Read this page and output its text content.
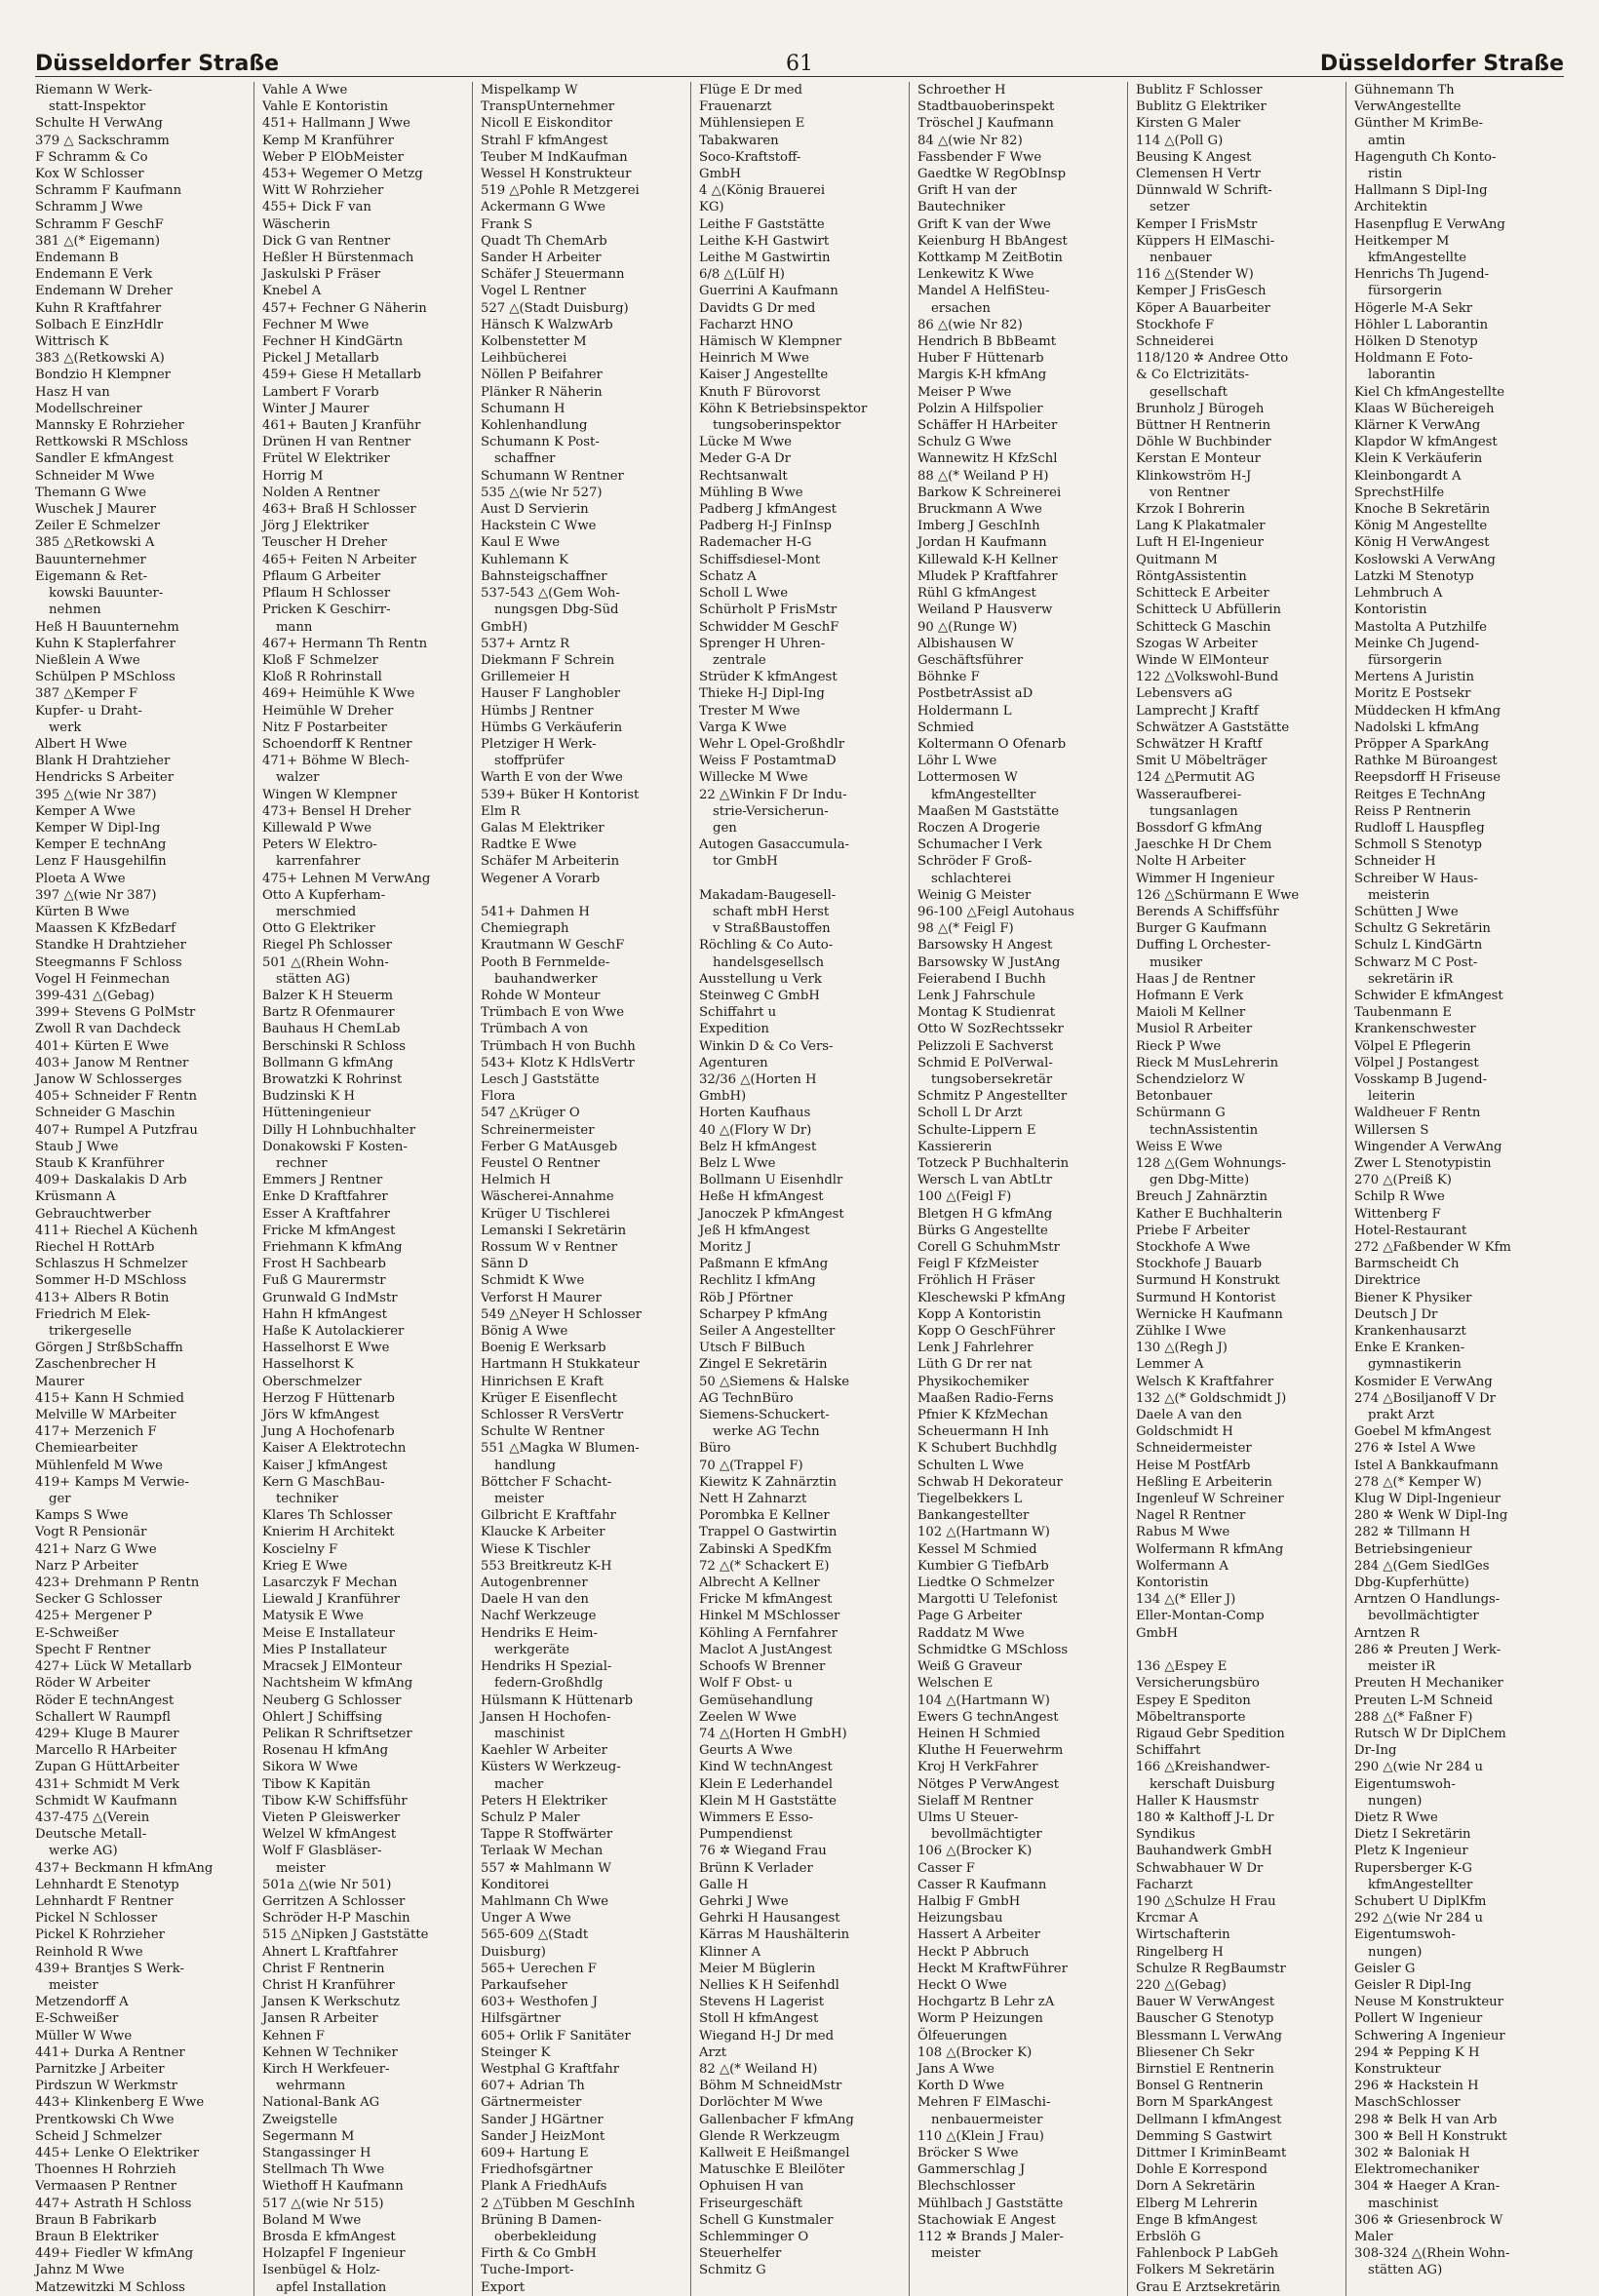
Düsseldorfer Straße	61	Düsseldorfer Straße
Riemann W Werk-
statt-Inspektor
Schulte H VerwAng
379 △ Sackschramm
F Schramm & Co
Kox W Schlosser
Schramm F Kaufmann
Schramm J Wwe
Schramm F GeschF
381 △(* Eigemann)
Endemann B
Endemann E Verk
Endemann W Dreher
Kuhn R Kraftfahrer
Solbach E EinzHdlr
Wittrisch K
383 △(Retkowski A)
Bondzio H Klempner
Hasz H van
Modellschreiner
Mannsky E Rohrzieher
Rettkowski R MSchloss
Sandler E kfmAngest
Schneider M Wwe
Themann G Wwe
Wuschek J Maurer
Zeiler E Schmelzer
385 △Retkowski A
Bauunternehmer
Eigemann & Ret-
kowski Bauunter-
nehmen
Heß H Bauunternehm
Kuhn K Staplerfahrer
Nießlein A Wwe
Schülpen P MSchloss
387 △Kemper F
Kupfer- u Draht-
werk
Albert H Wwe
Blank H Drahtzieher
Hendricks S Arbeiter
395 △(wie Nr 387)
Kemper A Wwe
Kemper W Dipl-Ing
Kemper E technAng
Lenz F Hausgehilfin
Ploeta A Wwe
397 △(wie Nr 387)
Kürten B Wwe
Maassen K KfzBedarf
Standke H Drahtzieher
Steegmanns F Schloss
Vogel H Feinmechan
399-431 △(Gebag)
399+ Stevens G PolMstr
Zwoll R van Dachdeck
401+ Kürten E Wwe
403+ Janow M Rentner
Janow W Schlosserges
405+ Schneider F Rentn
Schneider G Maschin
407+ Rumpel A Putzfrau
Staub J Wwe
Staub K Kranführer
409+ Daskalakis D Arb
Krüsmann A
Gebrauchtwerber
411+ Riechel A Küchenh
Riechel H RottArb
Schlaszus H Schmelzer
Sommer H-D MSchloss
413+ Albers R Botin
Friedrich M Elek-
trikergeselle
Görgen J StrßbSchaffn
Zaschenbrecher H
Maurer
415+ Kann H Schmied
Melville W MArbeiter
417+ Merzenich F
Chemiearbeiter
Mühlenfeld M Wwe
419+ Kamps M Verwie-
ger
Kamps S Wwe
Vogt R Pensionär
421+ Narz G Wwe
Narz P Arbeiter
423+ Drehmann P Rentn
Secker G Schlosser
425+ Mergener P
E-Schweißer
Specht F Rentner
427+ Lück W Metallarb
Röder W Arbeiter
Röder E technAngest
Schallert W Raumpfl
429+ Kluge B Maurer
Marcello R HArbeiter
Zupan G HüttArbeiter
431+ Schmidt M Verk
Schmidt W Kaufmann
437-475 △(Verein
Deutsche Metall-
werke AG)
437+ Beckmann H kfmAng
Lehnhardt E Stenotyp
Lehnhardt F Rentner
Pickel N Schlosser
Pickel K Rohrzieher
Reinhold R Wwe
439+ Brantjes S Werk-
meister
Metzendorff A
E-Schweißer
Müller W Wwe
441+ Durka A Rentner
Parnitzke J Arbeiter
Pirdszun W Werkmstr
443+ Klinkenberg E Wwe
Prentkowski Ch Wwe
Scheid J Schmelzer
445+ Lenke O Elektriker
Thoennes H Rohrzieh
Vermaasen P Rentner
447+ Astrath H Schloss
Braun B Fabrikarb
Braun B Elektriker
449+ Fiedler W kfmAng
Jahnz M Wwe
Matzewitzki M Schloss
Vahle A Wwe
Vahle E Kontoristin
451+ Hallmann J Wwe
Kemp M Kranführer
Weber P ElObMeister
453+ Wegemer O Metzg
Witt W Rohrzieher
455+ Dick F van
Wäscherin
Dick G van Rentner
Heßler H Bürstenmach
Jaskulski P Fräser
Knebel A
457+ Fechner G Näherin
Fechner M Wwe
Fechner H KindGärtn
Pickel J Metallarb
459+ Giese H Metallarb
Lambert F Vorarb
Winter J Maurer
461+ Bauten J Kranführ
Drünen H van Rentner
Frütel W Elektriker
Horrig M
Nolden A Rentner
463+ Braß H Schlosser
Jörg J Elektriker
Teuscher H Dreher
465+ Feiten N Arbeiter
Pflaum G Arbeiter
Pflaum H Schlosser
Pricken K Geschirr-
mann
467+ Hermann Th Rentn
Kloß F Schmelzer
Kloß R Rohrinstall
469+ Heimühle K Wwe
Heimühle W Dreher
Nitz F Postarbeiter
Schoendorff K Rentner
471+ Böhme W Blech-
walzer
Wingen W Klempner
473+ Bensel H Dreher
Killewald P Wwe
Peters W Elektro-
karrenfahrer
475+ Lehnen M VerwAng
Otto A Kupferham-
merschmied
Otto G Elektriker
Riegel Ph Schlosser
501 △(Rhein Wohn-
stätten AG)
Balzer K H Steuerm
Bartz R Ofenmaurer
Bauhaus H ChemLab
Berschinski R Schloss
Bollmann G kfmAng
Browatzki K Rohrinst
Budzinski K H
Hütteningenieur
Dilly H Lohnbuchhalter
Donakowski F Kosten-
rechner
Emmers J Rentner
Enke D Kraftfahrer
Esser A Kraftfahrer
Fricke M kfmAngest
Friehmann K kfmAng
Frost H Sachbearb
Fuß G Maurermstr
Grunwald G IndMstr
Hahn H kfmAngest
Haße K Autolackierer
Hasselhorst E Wwe
Hasselhorst K
Oberschmelzer
Herzog F Hüttenarb
Jörs W kfmAngest
Jung A Hochofenarb
Kaiser A Elektrotechn
Kaiser J kfmAngest
Kern G MaschBau-
techniker
Klares Th Schlosser
Knierim H Architekt
Koscielny F
Krieg E Wwe
Lasarczyk F Mechan
Liewald J Kranführer
Matysik E Wwe
Meise E Installateur
Mies P Installateur
Mracsek J ElMonteur
Nachtsheim W kfmAng
Neuberg G Schlosser
Ohlert J Schiffsing
Pelikan R Schriftsetzer
Rosenau H kfmAng
Sikora W Wwe
Tibow K Kapitän
Tibow K-W Schiffsführ
Vieten P Gleiswerker
Welzel W kfmAngest
Wolf F Glasbläser-
meister
501a △(wie Nr 501)
Gerritzen A Schlosser
Schröder H-P Maschin
515 △Nipken J Gaststätte
Ahnert L Kraftfahrer
Christ F Rentnerin
Christ H Kranführer
Jansen K Werkschutz
Jansen R Arbeiter
Kehnen F
Kehnen W Techniker
Kirch H Werkfeuer-
wehrmann
National-Bank AG
Zweigstelle
Segermann M
Stangassinger H
Stellmach Th Wwe
Wiethoff H Kaufmann
517 △(wie Nr 515)
Boland M Wwe
Brosda E kfmAngest
Holzapfel F Ingenieur
Isenbügel & Holz-
apfel Installation
Mispelkamp W
TranspUnternehmer
Nicoll E Eiskonditor
Strahl F kfmAngest
Teuber M IndKaufman
Wessel H Konstrukteur
519 △Pohle R Metzgerei
Ackermann G Wwe
Frank S
Quadt Th ChemArb
Sander H Arbeiter
Schäfer J Steuermann
Vogel L Rentner
527 △(Stadt Duisburg)
Hänsch K WalzwArb
Kolbenstetter M
Leihbücherei
Nöllen P Beifahrer
Plänker R Näherin
Schumann H
Kohlenhandlung
Schumann K Post-
schaffner
Schumann W Rentner
535 △(wie Nr 527)
Aust D Servierin
Hackstein C Wwe
Kaul E Wwe
Kuhlemann K
Bahnsteigschaffner
537-543 △(Gem Woh-
nungsgen Dbg-Süd
GmbH)
537+ Arntz R
Diekmann F Schrein
Grillemeier H
Hauser F Langhobler
Hümbs J Rentner
Hümbs G Verkäuferin
Pletziger H Werk-
stoffprüfer
Warth E von der Wwe
539+ Büker H Kontorist
Elm R
Galas M Elektriker
Radtke E Wwe
Schäfer M Arbeiterin
Wegener A Vorarb

541+ Dahmen H
Chemiegraph
Krautmann W GeschF
Pooth B Fernmelde-
bauhandwerker
Rohde W Monteur
Trümbach E von Wwe
Trümbach A von
Trümbach H von Buchh
543+ Klotz K HdlsVertr
Lesch J Gaststätte
Flora
547 △Krüger O
Schreinermeister
Ferber G MatAusgeb
Feustel O Rentner
Helmich H
Wäscherei-Annahme
Krüger U Tischlerei
Lemanski I Sekretärin
Rossum W v Rentner
Sänn D
Schmidt K Wwe
Verforst H Maurer
549 △Neyer H Schlosser
Bönig A Wwe
Boenig E Werksarb
Hartmann H Stukkateur
Hinrichsen E Kraft
Krüger E Eisenflecht
Schlosser R VersVertr
Schulte W Rentner
551 △Magka W Blumen-
handlung
Böttcher F Schacht-
meister
Gilbricht E Kraftfahr
Klaucke K Arbeiter
Wiese K Tischler
553 Breitkreutz K-H
Autogenbrenner
Daele H van den
Nachf Werkzeuge
Hendriks E Heim-
werkgeräte
Hendriks H Spezial-
federn-Großhdlg
Hülsmann K Hüttenarb
Jansen H Hochofen-
maschinist
Kaehler W Arbeiter
Küsters W Werkzeug-
macher
Peters H Elektriker
Schulz P Maler
Tappe R Stoffwärter
Terlaak W Mechan
557 ✲ Mahlmann W
Konditorei
Mahlmann Ch Wwe
Unger A Wwe
565-609 △(Stadt
Duisburg)
565+ Uerechen F
Parkaufseher
603+ Westhofen J
Hilfsgärtner
605+ Orlik F Sanitäter
Steinger K
Westphal G Kraftfahr
607+ Adrian Th
Gärtnermeister
Sander J HGärtner
Sander J HeizMont
609+ Hartung E
Friedhofsgärtner
Plank A FriedhAufs
2 △Tübben M GeschInh
Brüning B Damen-
oberbekleidung
Firth & Co GmbH
Tuche-Import-
Export
Flüge E Dr med
Frauenarzt
Mühlensiepen E
Tabakwaren
Soco-Kraftstoff-
GmbH
4 △(König Brauerei
KG)
Leithe F Gaststätte
Leithe K-H Gastwirt
Leithe M Gastwirtin
6/8 △(Lülf H)
Guerrini A Kaufmann
Davidts G Dr med
Facharzt HNO
Hämisch W Klempner
Heinrich M Wwe
Kaiser J Angestellte
Knuth F Bürovorst
Köhn K Betriebsinspektor
tungsoberinspektor
Lücke M Wwe
Meder G-A Dr
Rechtsanwalt
Mühling B Wwe
Padberg J kfmAngest
Padberg H-J FinInsp
Rademacher H-G
Schiffsdiesel-Mont
Schatz A
Scholl L Wwe
Schürholt P FrisMstr
Schwidder M GeschF
Sprenger H Uhren-
zentrale
Strüder K kfmAngest
Thieke H-J Dipl-Ing
Trester M Wwe
Varga K Wwe
Wehr L Opel-Großhdlr
Weiss F PostamtmaD
Willecke M Wwe
22 △Winkin F Dr Indu-
strie-Versicherun-
gen
Autogen Gasaccumula-
tor GmbH

Makadam-Baugesell-
schaft mbH Herst
v StraßBaustoffen
Röchling & Co Auto-
handelsgesellsch
Ausstellung u Verk
Steinweg C GmbH
Schiffahrt u
Expedition
Winkin D & Co Vers-
Agenturen
32/36 △(Horten H
GmbH)
Horten Kaufhaus
40 △(Flory W Dr)
Belz H kfmAngest
Belz L Wwe
Bollmann U Eisenhdlr
Heße H kfmAngest
Janoczek P kfmAngest
Jeß H kfmAngest
Moritz J
Paßmann E kfmAng
Rechlitz I kfmAng
Röb J Pförtner
Scharpey P kfmAng
Seiler A Angestellter
Utsch F BilBuch
Zingel E Sekretärin
50 △Siemens & Halske
AG TechnBüro
Siemens-Schuckert-
werke AG Techn
Büro
70 △(Trappel F)
Kiewitz K Zahnärztin
Nett H Zahnarzt
Porombka E Kellner
Trappel O Gastwirtin
Zabinski A SpedKfm
72 △(* Schackert E)
Albrecht A Kellner
Fricke M kfmAngest
Hinkel M MSchlosser
Köhling A Fernfahrer
Maclot A JustAngest
Schoofs W Brenner
Wolf F Obst- u
Gemüsehandlung
Zeelen W Wwe
74 △(Horten H GmbH)
Geurts A Wwe
Kind W technAngest
Klein E Lederhandel
Klein M H Gaststätte
Wimmers E Esso-
Pumpendienst
76 ✲ Wiegand Frau
Brünn K Verlader
Galle H
Gehrki J Wwe
Gehrki H Hausangest
Kärras M Haushälterin
Klinner A
Meier M Büglerin
Nellies K H Seifenhdl
Stevens H Lagerist
Stoll H kfmAngest
Wiegand H-J Dr med
Arzt
82 △(* Weiland H)
Böhm M SchneidMstr
Dorlöchter M Wwe
Gallenbacher F kfmAng
Glende R Werkzeugm
Kallweit E Heißmangel
Matuschke E Bleilöter
Ophuisen H van
Friseurgeschäft
Schell G Kunstmaler
Schlemminger O
Steuerhelfer
Schmitz G
Schroether H
Stadtbauoberinspekt
Tröschel J Kaufmann
84 △(wie Nr 82)
Fassbender F Wwe
Gaedtke W RegObInsp
Grift H van der
Bautechniker
Grift K van der Wwe
Keienburg H BbAngest
Kottkamp M ZeitBotin
Lenkewitz K Wwe
Mandel A HelfiSteu-
ersachen
86 △(wie Nr 82)
Hendrich B BbBeamt
Huber F Hüttenarb
Margis K-H kfmAng
Meiser P Wwe
Polzin A Hilfspolier
Schäffer H HArbeiter
Schulz G Wwe
Wannewitz H KfzSchl
88 △(* Weiland P H)
Barkow K Schreinerei
Bruckmann A Wwe
Imberg J GeschInh
Jordan H Kaufmann
Killewald K-H Kellner
Mludek P Kraftfahrer
Rühl G kfmAngest
Weiland P Hausverw
90 △(Runge W)
Albishausen W
Geschäftsführer
Böhnke F
PostbetrAssist aD
Holdermann L
Schmied
Koltermann O Ofenarb
Löhr L Wwe
Lottermosen W
kfmAngestellter
Maaßen M Gaststätte
Roczen A Drogerie
Schumacher I Verk
Schröder F Groß-
schlachterei
Weinig G Meister
96-100 △Feigl Autohaus
98 △(* Feigl F)
Barsowsky H Angest
Barsowsky W JustAng
Feierabend I Buchh
Lenk J Fahrschule
Montag K Studienrat
Otto W SozRechtssekr
Pelizzoli E Sachverst
Schmid E PolVerwal-
tungsobersekretär
Schmitz P Angestellter
Scholl L Dr Arzt
Schulte-Lippern E
Kassiererin
Totzeck P Buchhalterin
Wersch L van AbtLtr
100 △(Feigl F)
Bletgen H G kfmAng
Bürks G Angestellte
Corell G SchuhmMstr
Feigl F KfzMeister
Fröhlich H Fräser
Kleschewski P kfmAng
Kopp A Kontoristin
Kopp O GeschFührer
Lenk J Fahrlehrer
Lüth G Dr rer nat
Physikochemiker
Maaßen Radio-Ferns
Pfnier K KfzMechan
Scheuermann H Inh
K Schubert Buchhdlg
Schulten L Wwe
Schwab H Dekorateur
Tiegelbekkers L
Bankangestellter
102 △(Hartmann W)
Kessel M Schmied
Kumbier G TiefbArb
Liedtke O Schmelzer
Margotti U Telefonist
Page G Arbeiter
Raddatz M Wwe
Schmidtke G MSchloss
Weiß G Graveur
Welschen E
104 △(Hartmann W)
Ewers G technAngest
Heinen H Schmied
Kluthe H Feuerwehrm
Kroj H VerkFahrer
Nötges P VerwAngest
Sielaff M Rentner
Ulms U Steuer-
bevollmächtigter
106 △(Brocker K)
Casser F
Casser R Kaufmann
Halbig F GmbH
Heizungsbau
Hassert A Arbeiter
Heckt P Abbruch
Heckt M KraftwFührer
Heckt O Wwe
Hochgartz B Lehr zA
Worm P Heizungen
Ölfeuerungen
108 △(Brocker K)
Jans A Wwe
Korth D Wwe
Mehren F ElMaschi-
nenbauermeister
110 △(Klein J Frau)
Bröcker S Wwe
Gammerschlag J
Blechschlosser
Mühlbach J Gaststätte
Stachowiak E Angest
112 ✲ Brands J Maler-
meister
Bublitz F Schlosser
Bublitz G Elektriker
Kirsten G Maler
114 △(Poll G)
Beusing K Angest
Clemensen H Vertr
Dünnwald W Schrift-
setzer
Kemper I FrisMstr
Küppers H ElMaschi-
nenbauer
116 △(Stender W)
Kemper J FrisGesch
Köper A Bauarbeiter
Stockhofe F
Schneiderei
118/120 ✲ Andree Otto
& Co Elctrizitäts-
gesellschaft
Brunholz J Bürogeh
Büttner H Rentnerin
Döhle W Buchbinder
Kerstan E Monteur
Klinkowström H-J
von Rentner
Krzok I Bohrerin
Lang K Plakatmaler
Luft H El-Ingenieur
Quitmann M
RöntgAssistentin
Schitteck E Arbeiter
Schitteck U Abfüllerin
Schitteck G Maschin
Szogas W Arbeiter
Winde W ElMonteur
122 △Volkswohl-Bund
Lebensvers aG
Lamprecht J Kraftf
Schwätzer A Gaststätte
Schwätzer H Kraftf
Smit U Möbelträger
124 △Permutit AG
Wasseraufberei-
tungsanlagen
Bossdorf G kfmAng
Jaeschke H Dr Chem
Nolte H Arbeiter
Wimmer H Ingenieur
126 △Schürmann E Wwe
Berends A Schiffsführ
Burger G Kaufmann
Duffing L Orchester-
musiker
Haas J de Rentner
Hofmann E Verk
Maioli M Kellner
Musiol R Arbeiter
Rieck P Wwe
Rieck M MusLehrerin
Schendzielorz W
Betonbauer
Schürmann G
technAssistentin
Weiss E Wwe
128 △(Gem Wohnungs-
gen Dbg-Mitte)
Breuch J Zahnärztin
Kather E Buchhalterin
Priebe F Arbeiter
Stockhofe A Wwe
Stockhofe J Bauarb
Surmund H Konstrukt
Surmund H Kontorist
Wernicke H Kaufmann
Zühlke I Wwe
130 △(Regh J)
Lemmer A
Welsch K Kraftfahrer
132 △(* Goldschmidt J)
Daele A van den
Goldschmidt H
Schneidermeister
Heise M PostfArb
Heßling E Arbeiterin
Ingenleuf W Schreiner
Nagel R Rentner
Rabus M Wwe
Wolfermann R kfmAng
Wolfermann A
Kontoristin
134 △(* Eller J)
Eller-Montan-Comp
GmbH

136 △Espey E
Versicherungsbüro
Espey E Spediton
Möbeltransporte
Rigaud Gebr Spedition
Schiffahrt
166 △Kreishandwer-
kerschaft Duisburg
Haller K Hausmstr
180 ✲ Kalthoff J-L Dr
Syndikus
Bauhandwerk GmbH
Schwabhauer W Dr
Facharzt
190 △Schulze H Frau
Krcmar A
Wirtschafterin
Ringelberg H
Schulze R RegBaumstr
220 △(Gebag)
Bauer W VerwAngest
Bauscher G Stenotyp
Blessmann L VerwAng
Bliesener Ch Sekr
Birnstiel E Rentnerin
Bonsel G Rentnerin
Born M SparkAngest
Dellmann I kfmAngest
Demming S Gastwirt
Dittmer I KriminBeamt
Dohle E Korrespond
Dorn A Sekretärin
Elberg M Lehrerin
Enge B kfmAngest
Erbslöh G
Fahlenbock P LabGeh
Folkers M Sekretärin
Grau E Arztsekretärin
Gühnemann Th
VerwAngestellte
Günther M KrimBe-
amtin
Hagenguth Ch Konto-
ristin
Hallmann S Dipl-Ing
Architektin
Hasenpflug E VerwAng
Heitkemper M
kfmAngestellte
Henrichs Th Jugend-
fürsorgerin
Högerle M-A Sekr
Höhler L Laborantin
Hölken D Stenotyp
Holdmann E Foto-
laborantin
Kiel Ch kfmAngestellte
Klaas W Büchereigeh
Klärner K VerwAng
Klapdor W kfmAngest
Klein K Verkäuferin
Kleinbongardt A
SprechstHilfe
Knoche B Sekretärin
König M Angestellte
König H VerwAngest
Kosłowski A VerwAng
Latzki M Stenotyp
Lehmbruch A
Kontoristin
Mastolta A Putzhilfe
Meinke Ch Jugend-
fürsorgerin
Mertens A Juristin
Moritz E Postsekr
Müddecken H kfmAng
Nadolski L kfmAng
Pröpper A SparkAng
Rathke M Büroangest
Reepsdorff H Friseuse
Reitges E TechnAng
Reiss P Rentnerin
Rudloff L Hauspfleg
Schmoll S Stenotyp
Schneider H
Schreiber W Haus-
meisterin
Schütten J Wwe
Schultz G Sekretärin
Schulz L KindGärtn
Schwarz M C Post-
sekretärin iR
Schwider E kfmAngest
Taubenmann E
Krankenschwester
Völpel E Pflegerin
Völpel J Postangest
Vosskamp B Jugend-
leiterin
Waldheuer F Rentn
Willersen S
Wingender A VerwAng
Zwer L Stenotypistin
270 △(Preiß K)
Schilp R Wwe
Wittenberg F
Hotel-Restaurant
272 △Faßbender W Kfm
Barmscheidt Ch
Direktrice
Biener K Physiker
Deutsch J Dr
Krankenhausarzt
Enke E Kranken-
gymnastikerin
Kosmider E VerwAng
274 △Bosiljanoff V Dr
prakt Arzt
Goebel M kfmAngest
276 ✲ Istel A Wwe
Istel A Bankkaufmann
278 △(* Kemper W)
Klug W Dipl-Ingenieur
280 ✲ Wenk W Dipl-Ing
282 ✲ Tillmann H
Betriebsingenieur
284 △(Gem SiedlGes
Dbg-Kupferhütte)
Arntzen O Handlungs-
bevollmächtigter
Arntzen R
286 ✲ Preuten J Werk-
meister iR
Preuten H Mechaniker
Preuten L-M Schneid
288 △(* Faßner F)
Rutsch W Dr DiplChem
Dr-Ing
290 △(wie Nr 284 u
Eigentumswoh-
nungen)
Dietz R Wwe
Dietz I Sekretärin
Pletz K Ingenieur
Rupersberger K-G
kfmAngestellter
Schubert U DiplKfm
292 △(wie Nr 284 u
Eigentumswoh-
nungen)
Geisler G
Geisler R Dipl-Ing
Neuse M Konstrukteur
Pollert W Ingenieur
Schwering A Ingenieur
294 ✲ Pepping K H
Konstrukteur
296 ✲ Hackstein H
MaschSchlosser
298 ✲ Belk H van Arb
300 ✲ Bell H Konstrukt
302 ✲ Baloniak H
Elektromechaniker
304 ✲ Haeger A Kran-
maschinist
306 ✲ Griesenbrock W
Maler
308-324 △(Rhein Wohn-
stätten AG)
